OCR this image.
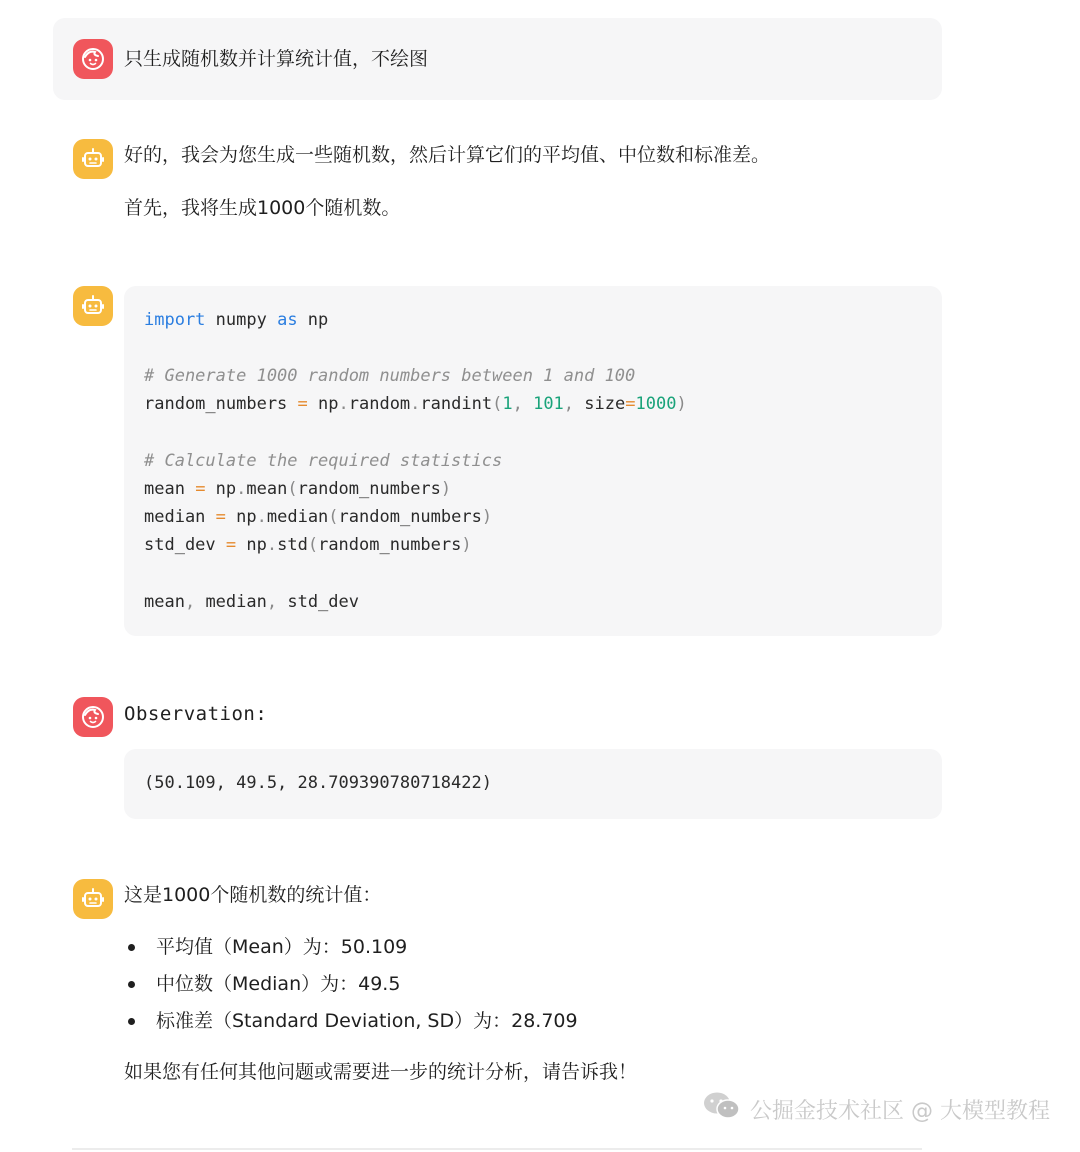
只生成随机数并计算统计值，不绘图
好的，我会为您生成一些随机数，然后计算它们的平均值、中位数和标准差。
首先，我将生成1000个随机数。
import numpy as np
# Generate 1000 random numbers between 1 and 100
random_numbers = np.random.randint(1, 101, size=1000)
# Calculate the required statistics
mean = np.mean(random_numbers)
median = np.median(random_numbers)
std_dev = np.std(random_numbers)
mean, median, std_dev
Observation:
(50.109, 49.5, 28.709390780718422)
这是1000个随机数的统计值：
平均值（Mean）为：50.109
中位数（Median）为：49.5
标准差（Standard Deviation, SD）为：28.709
如果您有任何其他问题或需要进一步的统计分析，请告诉我！
公掘金技术社区 @ 大模型教程
